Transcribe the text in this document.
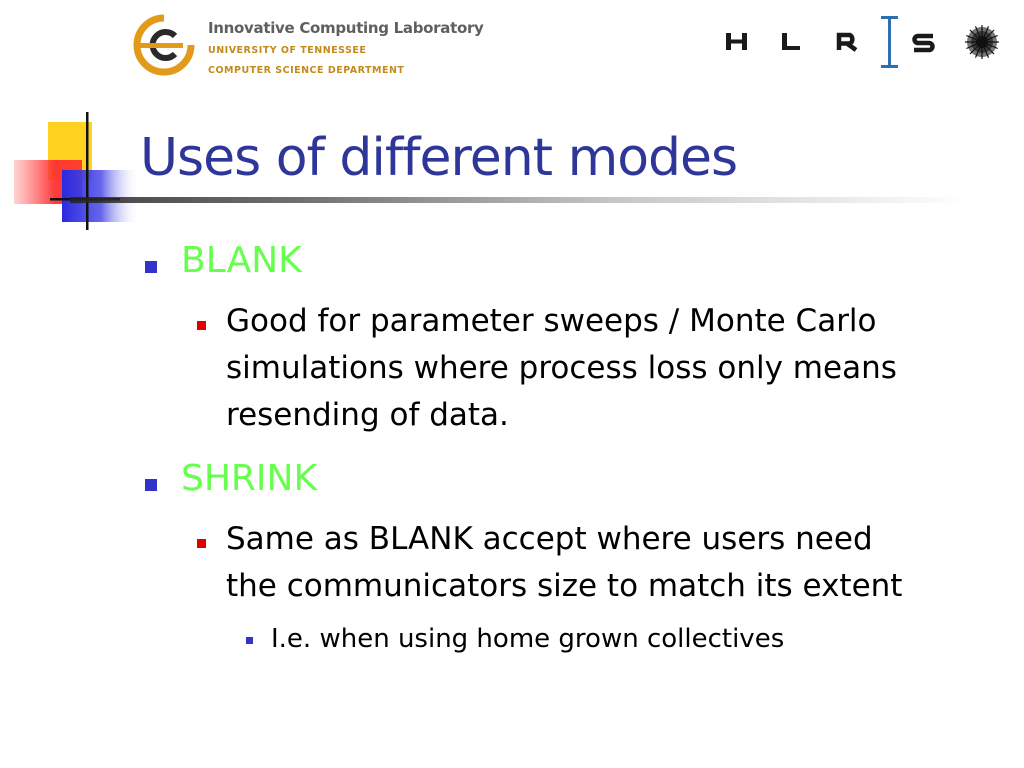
Innovative Computing Laboratory
UNIVERSITY OF TENNESSEE
COMPUTER SCIENCE DEPARTMENT
Uses of different modes
BLANK
Good for parameter sweeps / Monte Carlo
simulations where process loss only means
resending of data.
SHRINK
Same as BLANK accept where users need
the communicators size to match its extent
I.e. when using home grown collectives
